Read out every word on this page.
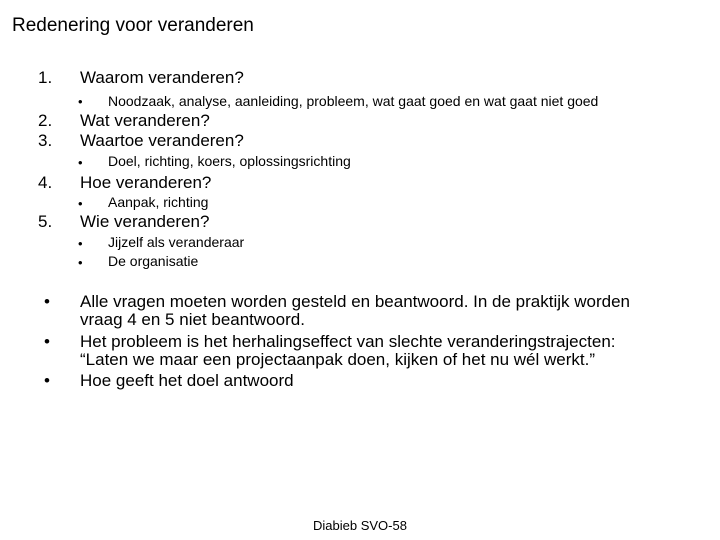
Redenering voor veranderen
1. Waarom veranderen?
• Noodzaak, analyse, aanleiding, probleem, wat gaat goed en wat gaat niet goed
2. Wat veranderen?
3. Waartoe veranderen?
• Doel, richting, koers, oplossingsrichting
4. Hoe veranderen?
• Aanpak, richting
5. Wie veranderen?
• Jijzelf als veranderaar
• De organisatie
• Alle vragen moeten worden gesteld en beantwoord. In de praktijk worden
vraag 4 en 5 niet beantwoord.
• Het probleem is het herhalingseffect van slechte veranderingstrajecten:
“Laten we maar een projectaanpak doen, kijken of het nu wél werkt.”
• Hoe geeft het doel antwoord
Diabieb SVO-58
